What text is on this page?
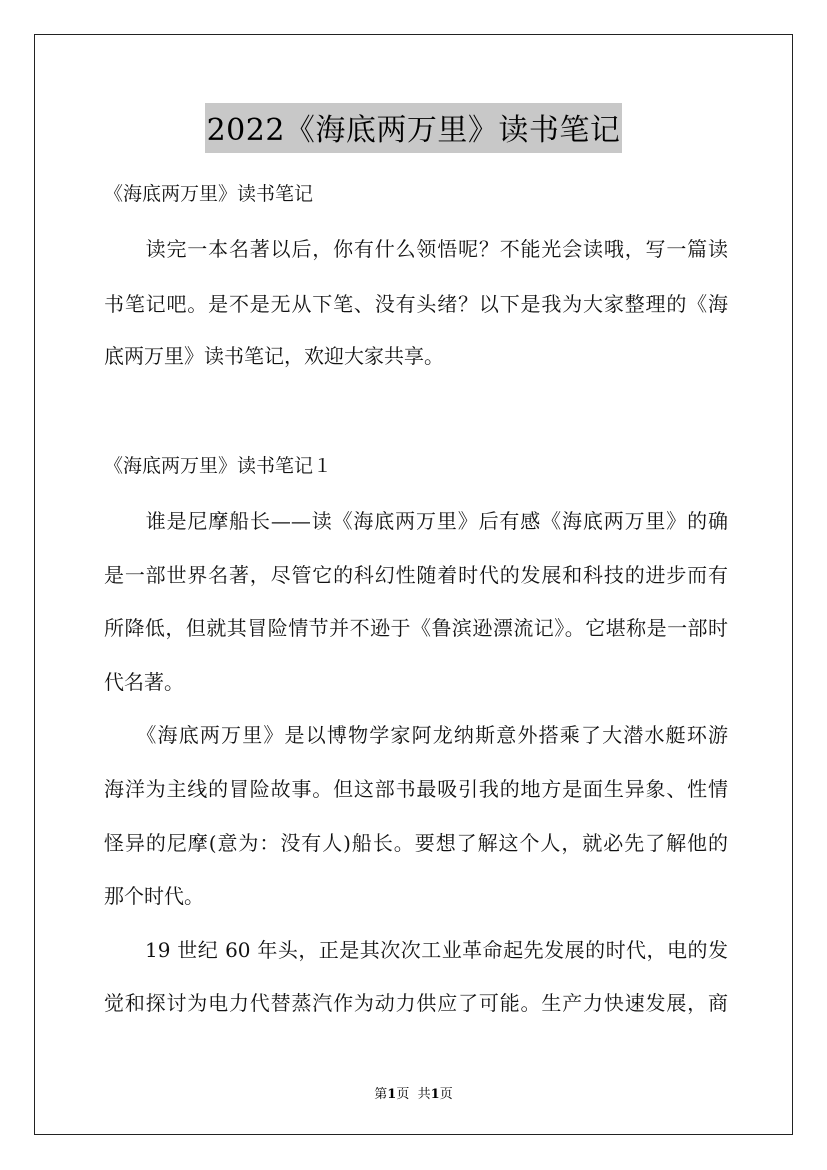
2022《海底两万里》读书笔记
《海底两万里》读书笔记
　　读完一本名著以后，你有什么领悟呢？不能光会读哦，写一篇读
书笔记吧。是不是无从下笔、没有头绪？以下是我为大家整理的《海
底两万里》读书笔记，欢迎大家共享。
《海底两万里》读书笔记１
　　谁是尼摩船长——读《海底两万里》后有感《海底两万里》的确
是一部世界名著，尽管它的科幻性随着时代的发展和科技的进步而有
所降低，但就其冒险情节并不逊于《鲁滨逊漂流记》。它堪称是一部时
代名著。
　　《海底两万里》是以博物学家阿龙纳斯意外搭乘了大潜水艇环游
海洋为主线的冒险故事。但这部书最吸引我的地方是面生异象、性情
怪异的尼摩(意为：没有人)船长。要想了解这个人，就必先了解他的
那个时代。
　　19 世纪 60 年头，正是其次次工业革命起先发展的时代，电的发
觉和探讨为电力代替蒸汽作为动力供应了可能。生产力快速发展，商
第1页 共1页
